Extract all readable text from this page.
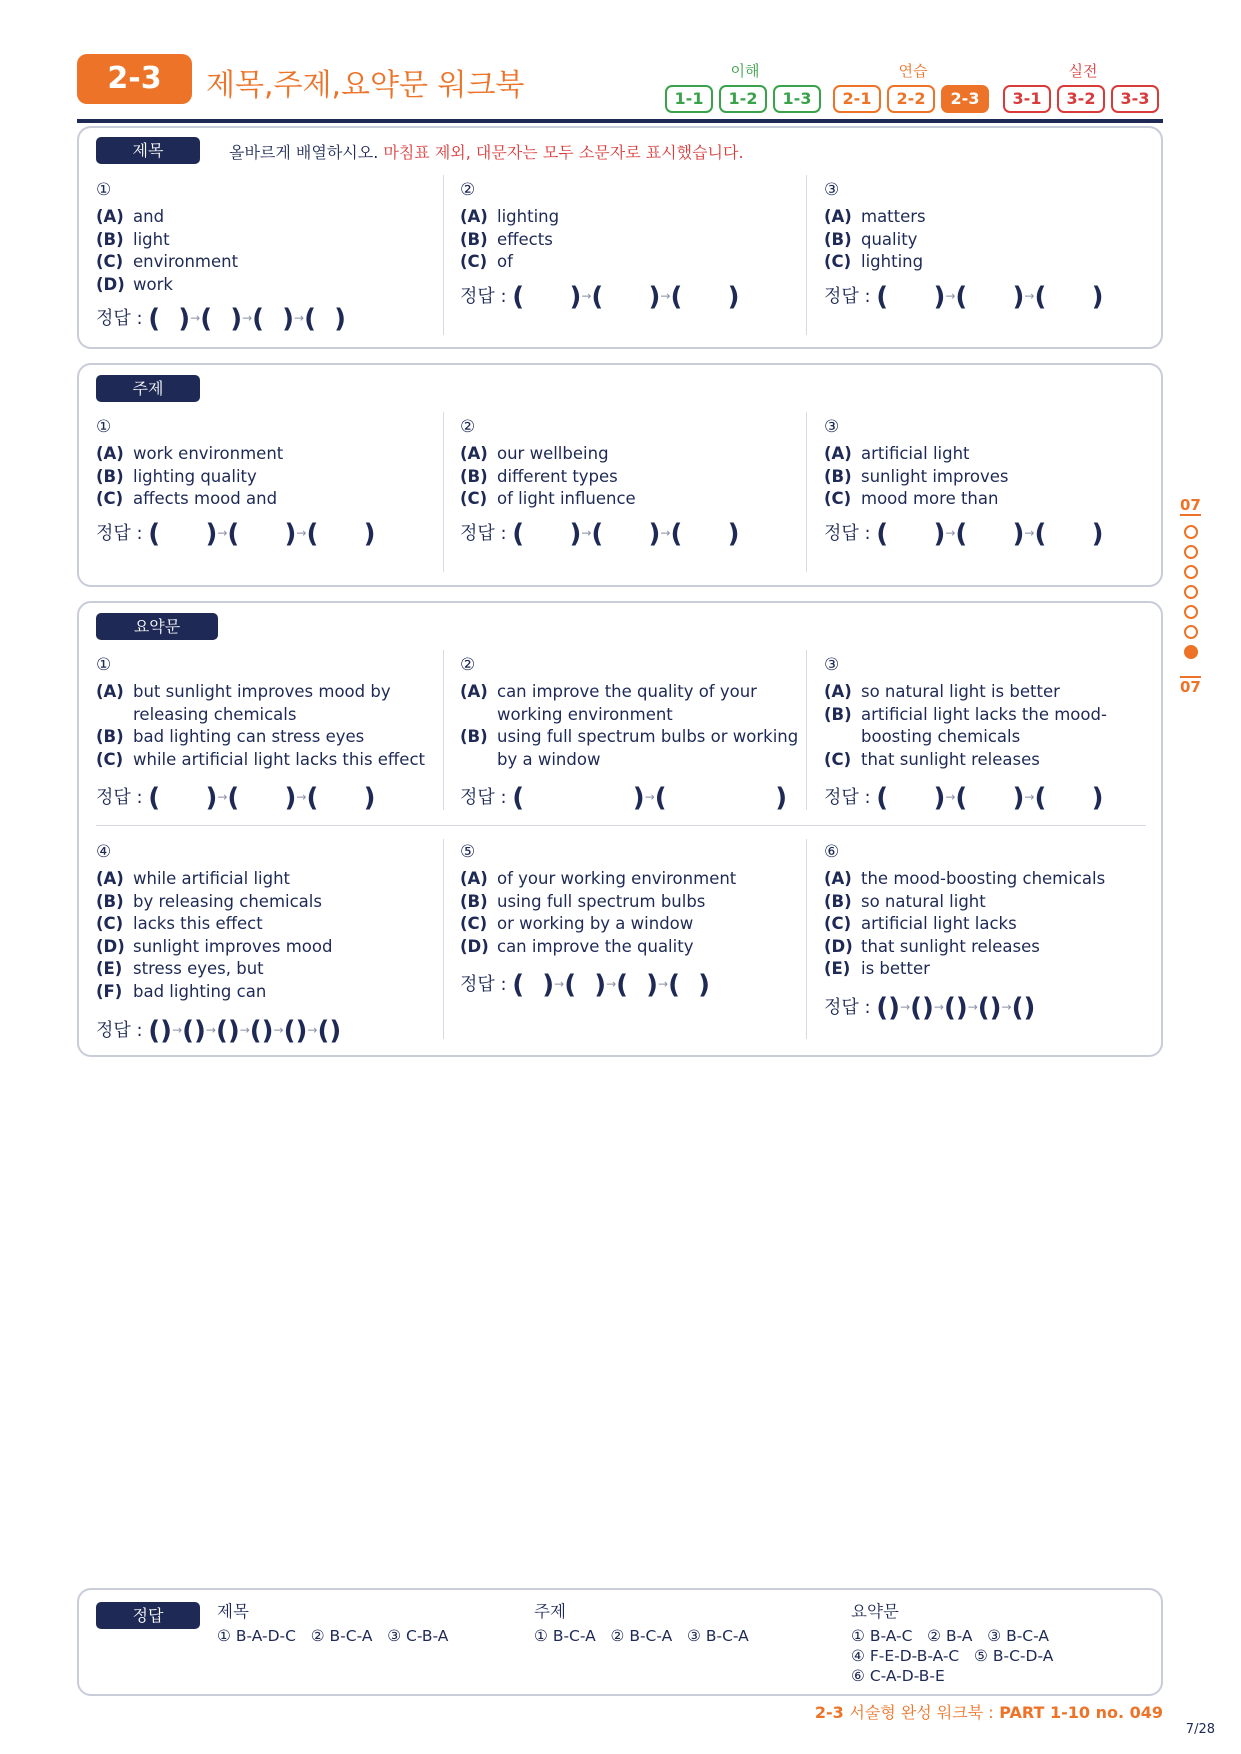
2-3	제목,주제,요약문 워크북	이해	연습	실전
1-1	1-2	1-3	2-1	2-2	2-3	3-1	3-2	3-3
07
07
제목	올바르게 배열하시오. 마침표 제외, 대문자는 모두 소문자로 표시했습니다.
①
(A) and
(B) light
(C) environment
(D) work
정답 : (  )→(  )→(  )→(  )
②
(A) lighting
(B) effects
(C) of
정답 : (     )→(     )→(     )
③
(A) matters
(B) quality
(C) lighting
정답 : (     )→(     )→(     )
주제
①
(A) work environment
(B) lighting quality
(C) affects mood and
정답 : (     )→(     )→(     )
②
(A) our wellbeing
(B) different types
(C) of light influence
정답 : (     )→(     )→(     )
③
(A) artificial light
(B) sunlight improves
(C) mood more than
정답 : (     )→(     )→(     )
요약문
①
(A) but sunlight improves mood by releasing chemicals
(B) bad lighting can stress eyes
(C) while artificial light lacks this effect
정답 : (     )→(     )→(     )
②
(A) can improve the quality of your working environment
(B) using full spectrum bulbs or working by a window
정답 : (            )→(            )
③
(A) so natural light is better
(B) artificial light lacks the mood-boosting chemicals
(C) that sunlight releases
정답 : (     )→(     )→(     )
④
(A) while artificial light
(B) by releasing chemicals
(C) lacks this effect
(D) sunlight improves mood
(E) stress eyes, but
(F) bad lighting can
정답 : ()→()→()→()→()→()
⑤
(A) of your working environment
(B) using full spectrum bulbs
(C) or working by a window
(D) can improve the quality
정답 : (  )→(  )→(  )→(  )
⑥
(A) the mood-boosting chemicals
(B) so natural light
(C) artificial light lacks
(D) that sunlight releases
(E) is better
정답 : ()→()→()→()→()
정답	제목
① B-A-D-C   ② B-C-A   ③ C-B-A
주제
① B-C-A   ② B-C-A   ③ B-C-A
요약문
① B-A-C   ② B-A   ③ B-C-A
④ F-E-D-B-A-C   ⑤ B-C-D-A
⑥ C-A-D-B-E
2-3 서술형 완성 워크북 : PART 1-10 no. 049
7/28
